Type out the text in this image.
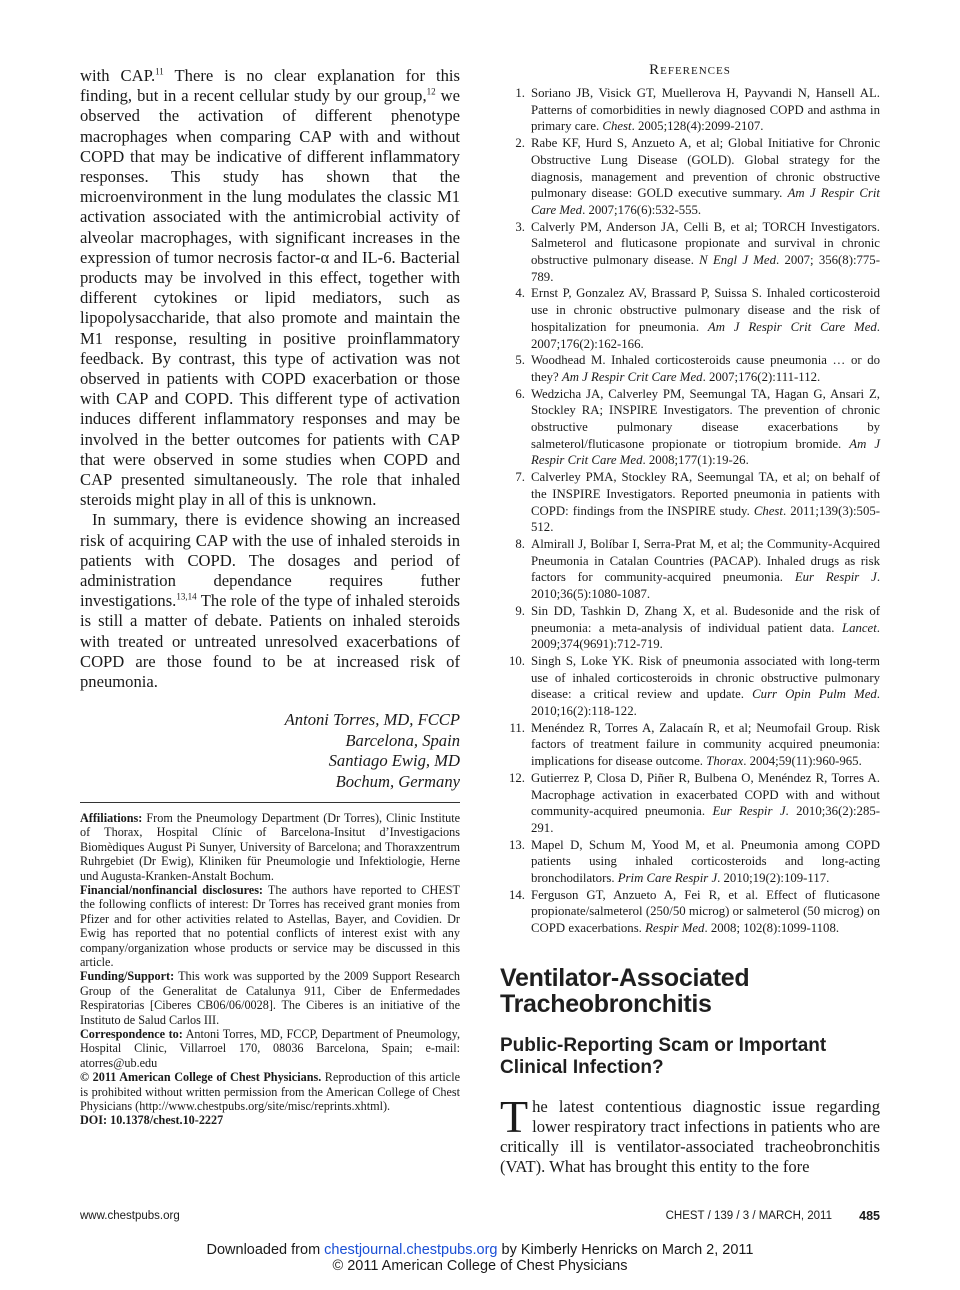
with CAP.$^{11}$ There is no clear explanation for this finding, but in a recent cellular study by our group,$^{12}$ we observed the activation of different phenotype macrophages when comparing CAP with and without COPD that may be indicative of different inflammatory responses. This study has shown that the microenvironment in the lung modulates the classic M1 activation associated with the antimicrobial activity of alveolar macrophages, with significant increases in the expression of tumor necrosis factor-α and IL-6. Bacterial products may be involved in this effect, together with different cytokines or lipid mediators, such as lipopolysaccharide, that also promote and maintain the M1 response, resulting in positive proinflammatory feedback. By contrast, this type of activation was not observed in patients with COPD exacerbation or those with CAP and COPD. This different type of activation induces different inflammatory responses and may be involved in the better outcomes for patients with CAP that were observed in some studies when COPD and CAP presented simultaneously. The role that inhaled steroids might play in all of this is unknown.

In summary, there is evidence showing an increased risk of acquiring CAP with the use of inhaled steroids in patients with COPD. The dosages and period of administration dependance requires futher investigations.$^{13,14}$ The role of the type of inhaled steroids is still a matter of debate. Patients on inhaled steroids with treated or untreated unresolved exacerbations of COPD are those found to be at increased risk of pneumonia.

Antoni Torres, MD, FCCP
Barcelona, Spain
Santiago Ewig, MD
Bochum, Germany

Affiliations: From the Pneumology Department (Dr Torres), Clinic Institute of Thorax, Hospital Clínic of Barcelona-Insitut d’Investigacions Biomèdiques August Pi Sunyer, University of Barcelona; and Thoraxzentrum Ruhrgebiet (Dr Ewig), Kliniken für Pneumologie und Infektiologie, Herne und Augusta-Kranken-Anstalt Bochum.

Financial/nonfinancial disclosures: The authors have reported to CHEST the following conflicts of interest: Dr Torres has received grant monies from Pfizer and for other activities related to Astellas, Bayer, and Covidien. Dr Ewig has reported that no potential conflicts of interest exist with any company/organization whose products or service may be discussed in this article.

Funding/Support: This work was supported by the 2009 Support Research Group of the Generalitat de Catalunya 911, Ciber de Enfermedades Respiratorias [Ciberes CB06/06/0028]. The Ciberes is an initiative of the Instituto de Salud Carlos III.

Correspondence to: Antoni Torres, MD, FCCP, Department of Pneumology, Hospital Clinic, Villarroel 170, 08036 Barcelona, Spain; e-mail: atorres@ub.edu

© 2011 American College of Chest Physicians. Reproduction of this article is prohibited without written permission from the American College of Chest Physicians (http://www.chestpubs.org/site/misc/reprints.xhtml).

DOI: 10.1378/chest.10-2227

References
1. Soriano JB, Visick GT, Muellerova H, Payvandi N, Hansell AL. Patterns of comorbidities in newly diagnosed COPD and asthma in primary care. Chest. 2005;128(4):2099-2107.
2. Rabe KF, Hurd S, Anzueto A, et al; Global Initiative for Chronic Obstructive Lung Disease (GOLD). Global strategy for the diagnosis, management and prevention of chronic obstructive pulmonary disease: GOLD executive summary. Am J Respir Crit Care Med. 2007;176(6):532-555.
3. Calverly PM, Anderson JA, Celli B, et al; TORCH Investigators. Salmeterol and fluticasone propionate and survival in chronic obstructive pulmonary disease. N Engl J Med. 2007; 356(8):775-789.
4. Ernst P, Gonzalez AV, Brassard P, Suissa S. Inhaled corticosteroid use in chronic obstructive pulmonary disease and the risk of hospitalization for pneumonia. Am J Respir Crit Care Med. 2007;176(2):162-166.
5. Woodhead M. Inhaled corticosteroids cause pneumonia … or do they? Am J Respir Crit Care Med. 2007;176(2):111-112.
6. Wedzicha JA, Calverley PM, Seemungal TA, Hagan G, Ansari Z, Stockley RA; INSPIRE Investigators. The prevention of chronic obstructive pulmonary disease exacerbations by salmeterol/fluticasone propionate or tiotropium bromide. Am J Respir Crit Care Med. 2008;177(1):19-26.
7. Calverley PMA, Stockley RA, Seemungal TA, et al; on behalf of the INSPIRE Investigators. Reported pneumonia in patients with COPD: findings from the INSPIRE study. Chest. 2011;139(3):505-512.
8. Almirall J, Bolíbar I, Serra-Prat M, et al; the Community-Acquired Pneumonia in Catalan Countries (PACAP). Inhaled drugs as risk factors for community-acquired pneumonia. Eur Respir J. 2010;36(5):1080-1087.
9. Sin DD, Tashkin D, Zhang X, et al. Budesonide and the risk of pneumonia: a meta-analysis of individual patient data. Lancet. 2009;374(9691):712-719.
10. Singh S, Loke YK. Risk of pneumonia associated with long-term use of inhaled corticosteroids in chronic obstructive pulmonary disease: a critical review and update. Curr Opin Pulm Med. 2010;16(2):118-122.
11. Menéndez R, Torres A, Zalacaín R, et al; Neumofail Group. Risk factors of treatment failure in community acquired pneumonia: implications for disease outcome. Thorax. 2004;59(11):960-965.
12. Gutierrez P, Closa D, Piñer R, Bulbena O, Menéndez R, Torres A. Macrophage activation in exacerbated COPD with and without community-acquired pneumonia. Eur Respir J. 2010;36(2):285-291.
13. Mapel D, Schum M, Yood M, et al. Pneumonia among COPD patients using inhaled corticosteroids and long-acting bronchodilators. Prim Care Respir J. 2010;19(2):109-117.
14. Ferguson GT, Anzueto A, Fei R, et al. Effect of fluticasone propionate/salmeterol (250/50 microg) or salmeterol (50 microg) on COPD exacerbations. Respir Med. 2008; 102(8):1099-1108.
Ventilator-Associated Tracheobronchitis
Public-Reporting Scam or Important Clinical Infection?
The latest contentious diagnostic issue regarding lower respiratory tract infections in patients who are critically ill is ventilator-associated tracheobronchitis (VAT). What has brought this entity to the fore
www.chestpubs.org	CHEST / 139 / 3 / MARCH, 2011 485
Downloaded from chestjournal.chestpubs.org by Kimberly Henricks on March 2, 2011
© 2011 American College of Chest Physicians
